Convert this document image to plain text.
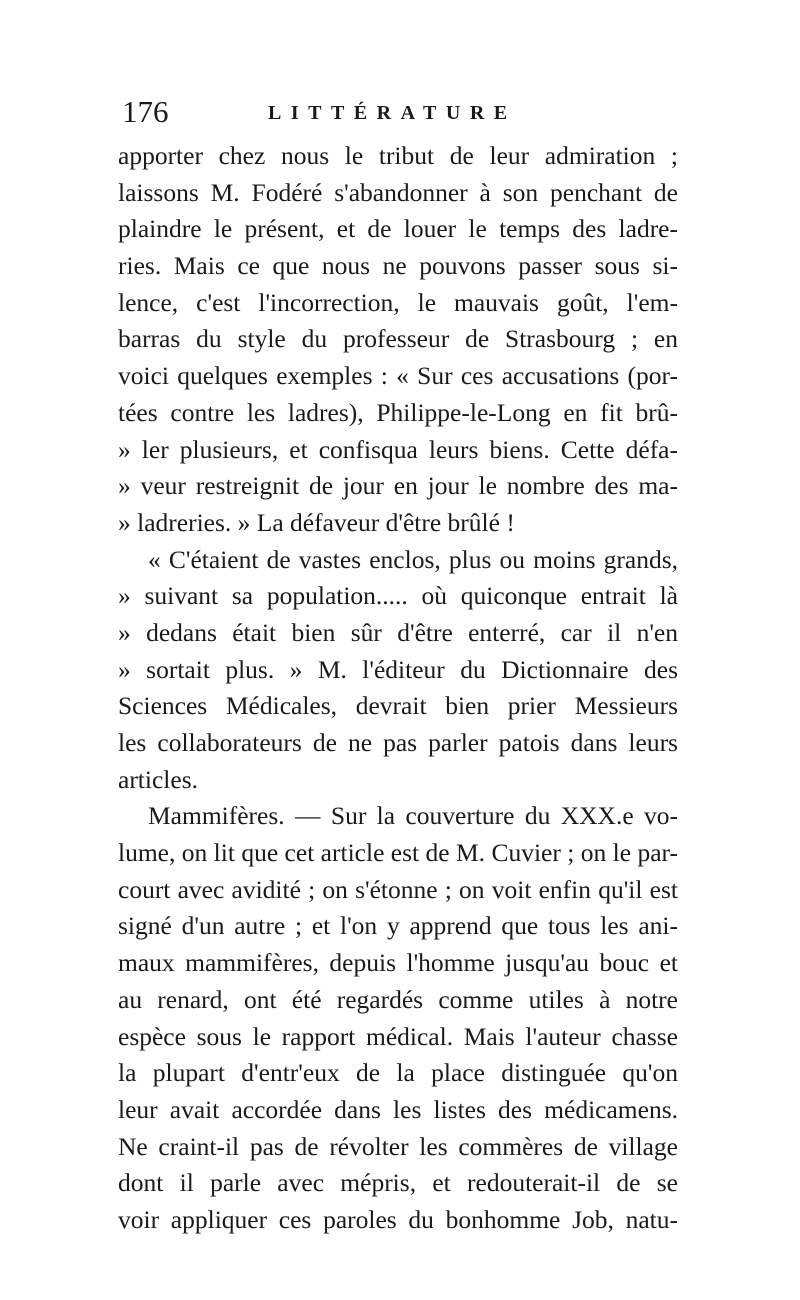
176	LITTÉRATURE
apporter chez nous le tribut de leur admiration ;
laissons M. Fodéré s'abandonner à son penchant de
plaindre le présent, et de louer le temps des ladre-
ries. Mais ce que nous ne pouvons passer sous si-
lence, c'est l'incorrection, le mauvais goût, l'em-
barras du style du professeur de Strasbourg ; en
voici quelques exemples : « Sur ces accusations (por-
tées contre les ladres), Philippe-le-Long en fit brû-
» ler plusieurs, et confisqua leurs biens. Cette défa-
» veur restreignit de jour en jour le nombre des ma-
» ladreries. » La défaveur d'être brûlé !
« C'étaient de vastes enclos, plus ou moins grands,
» suivant sa population..... où quiconque entrait là
» dedans était bien sûr d'être enterré, car il n'en
» sortait plus. » M. l'éditeur du Dictionnaire des
Sciences Médicales, devrait bien prier Messieurs
les collaborateurs de ne pas parler patois dans leurs
articles.
Mammifères. — Sur la couverture du XXX.e vo-
lume, on lit que cet article est de M. Cuvier ; on le par-
court avec avidité ; on s'étonne ; on voit enfin qu'il est
signé d'un autre ; et l'on y apprend que tous les ani-
maux mammifères, depuis l'homme jusqu'au bouc et
au renard, ont été regardés comme utiles à notre
espèce sous le rapport médical. Mais l'auteur chasse
la plupart d'entr'eux de la place distinguée qu'on
leur avait accordée dans les listes des médicamens.
Ne craint-il pas de révolter les commères de village
dont il parle avec mépris, et redouterait-il de se
voir appliquer ces paroles du bonhomme Job, natu-
